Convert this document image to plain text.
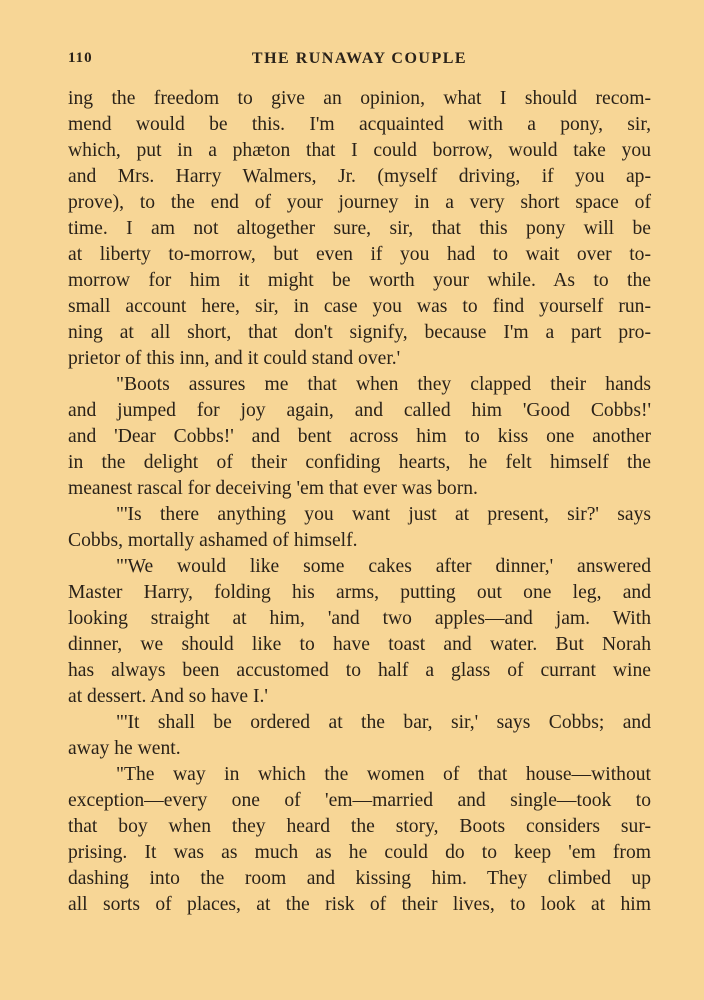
110	THE RUNAWAY COUPLE

ing the freedom to give an opinion, what I should recom-

mend would be this. I'm acquainted with a pony, sir,

which, put in a phæton that I could borrow, would take you

and Mrs. Harry Walmers, Jr. (myself driving, if you ap-

prove), to the end of your journey in a very short space of

time. I am not altogether sure, sir, that this pony will be

at liberty to-morrow, but even if you had to wait over to-

morrow for him it might be worth your while. As to the

small account here, sir, in case you was to find yourself run-

ning at all short, that don't signify, because I'm a part pro-

prietor of this inn, and it could stand over.'

"Boots assures me that when they clapped their hands

and jumped for joy again, and called him 'Good Cobbs!'

and 'Dear Cobbs!' and bent across him to kiss one another

in the delight of their confiding hearts, he felt himself the

meanest rascal for deceiving 'em that ever was born.

"'Is there anything you want just at present, sir?' says

Cobbs, mortally ashamed of himself.

"'We would like some cakes after dinner,' answered

Master Harry, folding his arms, putting out one leg, and

looking straight at him, 'and two apples—and jam. With

dinner, we should like to have toast and water. But Norah

has always been accustomed to half a glass of currant wine

at dessert. And so have I.'

"'It shall be ordered at the bar, sir,' says Cobbs; and

away he went.

"The way in which the women of that house—without

exception—every one of 'em—married and single—took to

that boy when they heard the story, Boots considers sur-

prising. It was as much as he could do to keep 'em from

dashing into the room and kissing him. They climbed up

all sorts of places, at the risk of their lives, to look at him
